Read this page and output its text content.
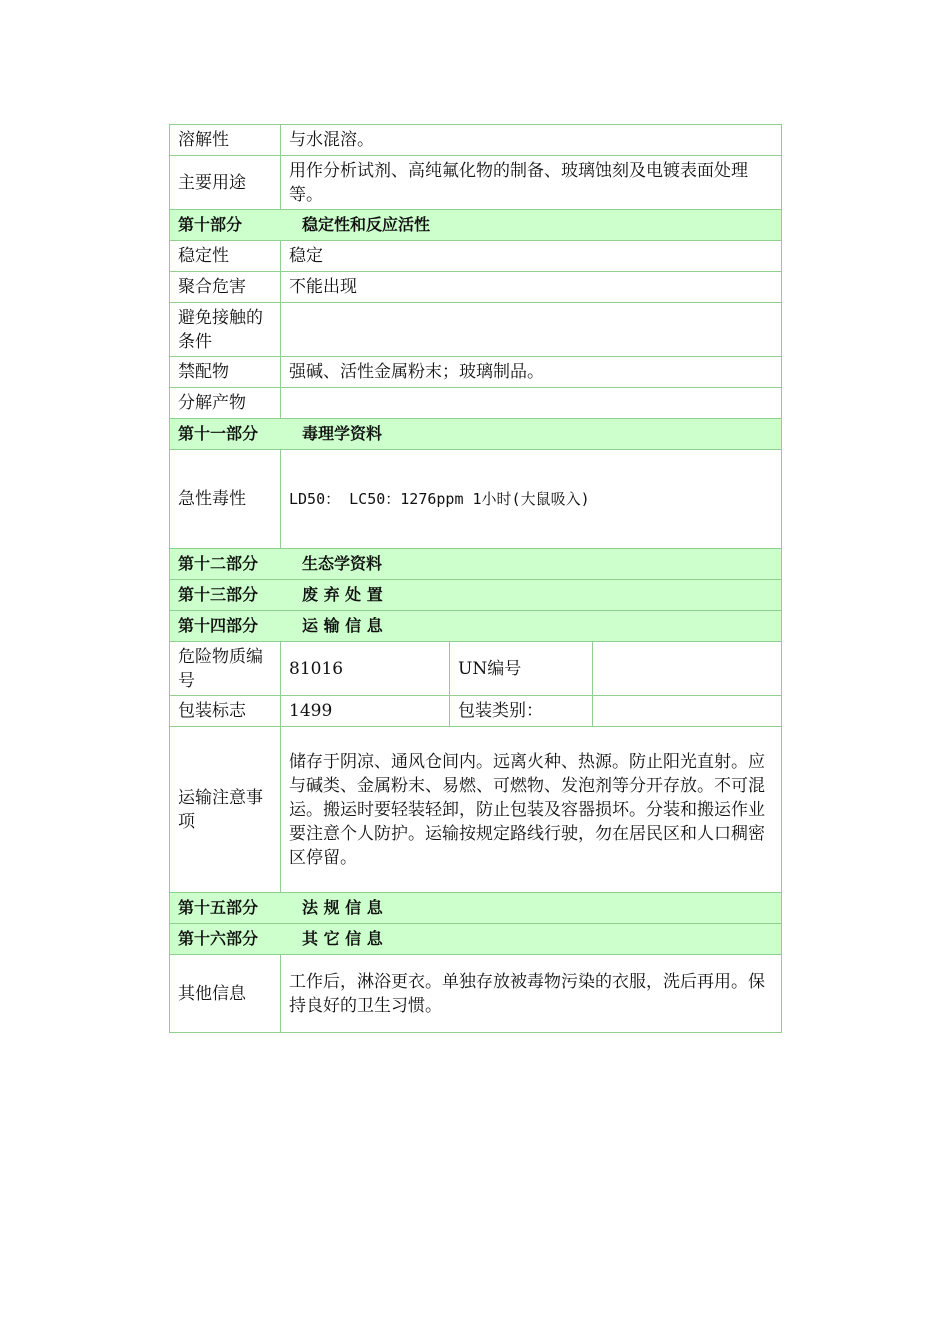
溶解性	与水混溶。		
主要用途	用作分析试剂、高纯氟化物的制备、玻璃蚀刻及电镀表面处理等。		
第十部分 稳定性和反应活性			
稳定性	稳定		
聚合危害	不能出现		
避免接触的条件			
禁配物	强碱、活性金属粉末；玻璃制品。		
分解产物			
第十一部分 毒理学资料			
急性毒性	LD50： LC50：1276ppm 1小时(大鼠吸入)		
第十二部分 生态学资料			
第十三部分 废 弃 处 置			
第十四部分 运 输 信 息			
危险物质编号	81016	UN编号	
包装标志	1499	包装类别：	
运输注意事项	储存于阴凉、通风仓间内。远离火种、热源。防止阳光直射。应与碱类、金属粉末、易燃、可燃物、发泡剂等分开存放。不可混运。搬运时要轻装轻卸，防止包装及容器损坏。分装和搬运作业要注意个人防护。运输按规定路线行驶，勿在居民区和人口稠密区停留。		
第十五部分 法 规 信 息			
第十六部分 其 它 信 息			
其他信息	工作后，淋浴更衣。单独存放被毒物污染的衣服，洗后再用。保持良好的卫生习惯。		
